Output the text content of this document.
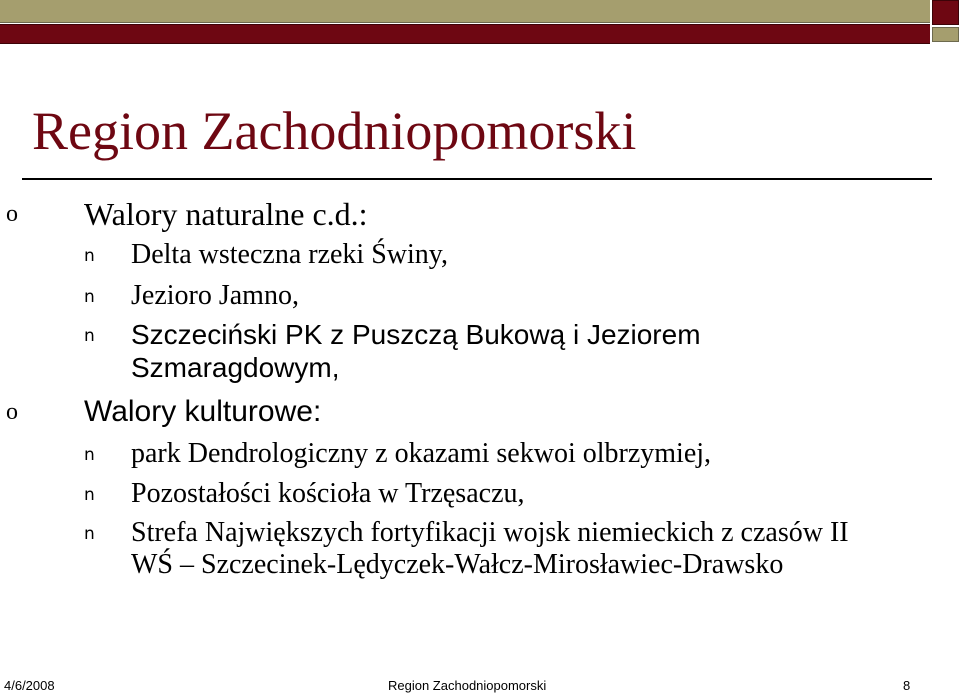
Region Zachodniopomorski
o Walory naturalne c.d.:
n Delta wsteczna rzeki Świny,
n Jezioro Jamno,
n Szczeciński PK z Puszczą Bukową i Jeziorem Szmaragdowym,
o Walory kulturowe:
n park Dendrologiczny z okazami sekwoi olbrzymiej,
n Pozostałości kościoła w Trzęsaczu,
n Strefa Największych fortyfikacji wojsk niemieckich z czasów II WŚ – Szczecinek-Lędyczek-Wałcz-Mirosławiec-Drawsko
4/6/2008	Region Zachodniopomorski	8
